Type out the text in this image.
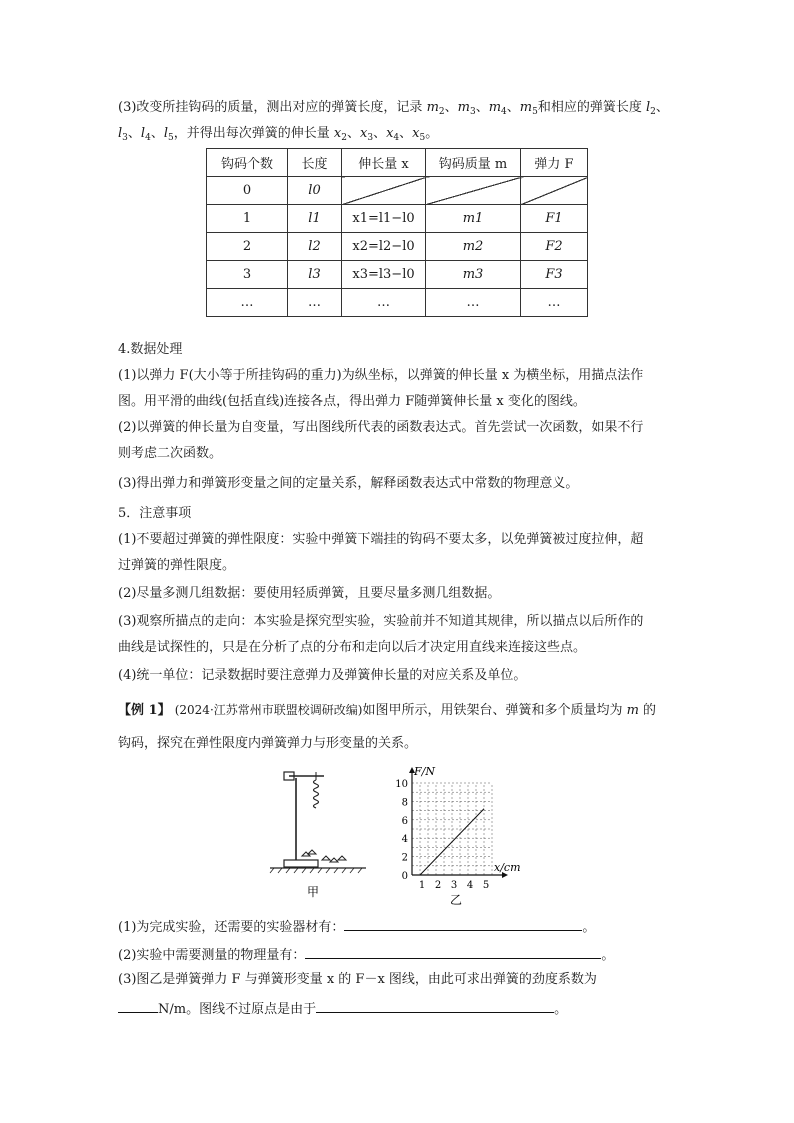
(3)改变所挂钩码的质量，测出对应的弹簧长度，记录 $m_2$、$m_3$、$m_4$、$m_5$和相应的弹簧长度 $l_2$、
$l_3$、$l_4$、$l_5$，并得出每次弹簧的伸长量 $x_2$、$x_3$、$x_4$、$x_5$。
钩码个数	长度	伸长量 x	钩码质量 m	弹力 F
0	l0			
1	l1	x1=l1−l0	m1	F1
2	l2	x2=l2−l0	m2	F2
3	l3	x3=l3−l0	m3	F3
…	…	…	…	…
4.数据处理
(1)以弹力 F(大小等于所挂钩码的重力)为纵坐标，以弹簧的伸长量 x 为横坐标，用描点法作
图。用平滑的曲线(包括直线)连接各点，得出弹力 F随弹簧伸长量 x 变化的图线。
(2)以弹簧的伸长量为自变量，写出图线所代表的函数表达式。首先尝试一次函数，如果不行
则考虑二次函数。
(3)得出弹力和弹簧形变量之间的定量关系，解释函数表达式中常数的物理意义。
5．注意事项
(1)不要超过弹簧的弹性限度：实验中弹簧下端挂的钩码不要太多，以免弹簧被过度拉伸，超
过弹簧的弹性限度。
(2)尽量多测几组数据：要使用轻质弹簧，且要尽量多测几组数据。
(3)观察所描点的走向：本实验是探究型实验，实验前并不知道其规律，所以描点以后所作的
曲线是试探性的，只是在分析了点的分布和走向以后才决定用直线来连接这些点。
(4)统一单位：记录数据时要注意弹力及弹簧伸长量的对应关系及单位。
【例 1】 (2024·江苏常州市联盟校调研改编)如图甲所示，用铁架台、弹簧和多个质量均为 m 的
钩码，探究在弹性限度内弹簧弹力与形变量的关系。
甲
0
2
4
6
8
10
1 2 3 4 5
F/N
x/cm
乙
(1)为完成实验，还需要的实验器材有：	。
(2)实验中需要测量的物理量有：	。
(3)图乙是弹簧弹力 F 与弹簧形变量 x 的 F－x 图线，由此可求出弹簧的劲度系数为
N/m。图线不过原点是由于	。
